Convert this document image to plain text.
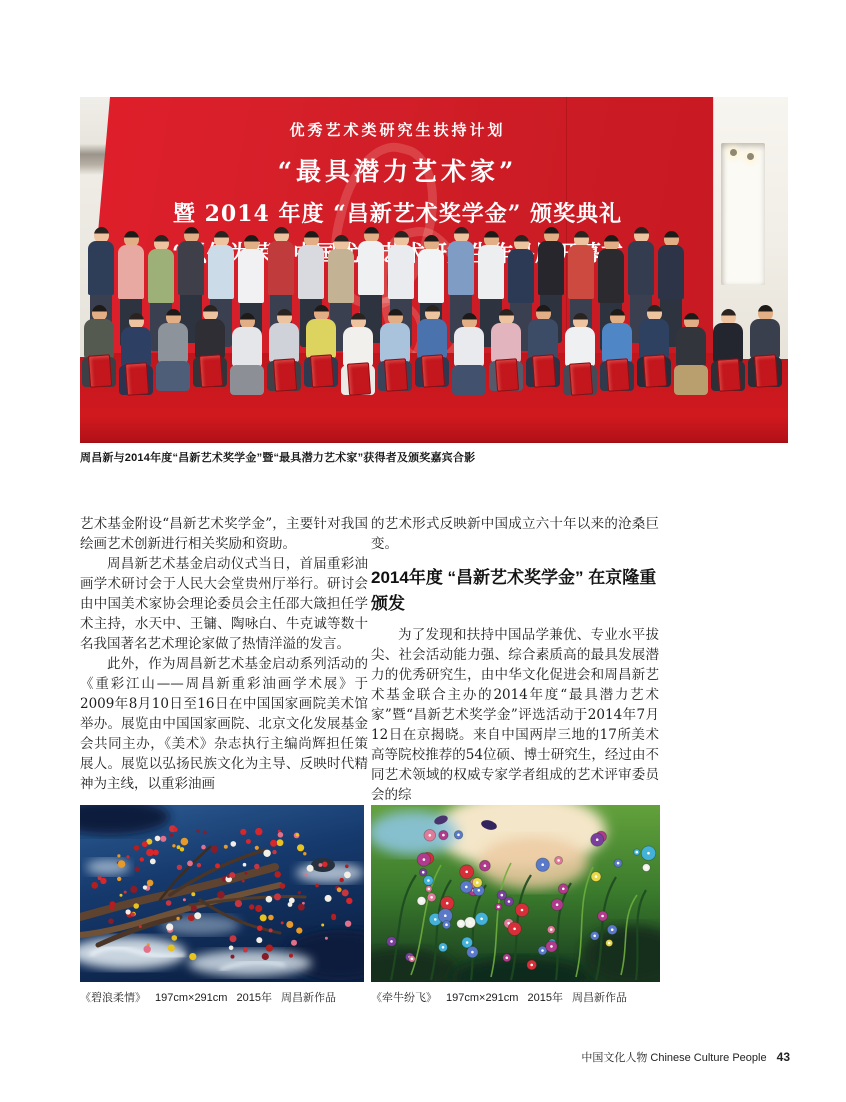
优秀艺术类研究生扶持计划
“最具潜力艺术家”
暨 2014 年度 “昌新艺术奖学金” 颁奖典礼
周昌新与2014年度“昌新艺术奖学金”暨“最具潜力艺术家”获得者及颁奖嘉宾合影

艺术基金附设“昌新艺术奖学金”，主要针对我国绘画艺术创新进行相关奖励和资助。

周昌新艺术基金启动仪式当日，首届重彩油画学术研讨会于人民大会堂贵州厅举行。研讨会由中国美术家协会理论委员会主任邵大箴担任学术主持，水天中、王镛、陶咏白、牛克诚等数十名我国著名艺术理论家做了热情洋溢的发言。

此外，作为周昌新艺术基金启动系列活动的《重彩江山——周昌新重彩油画学术展》于2009年8月10日至16日在中国国家画院美术馆举办。展览由中国国家画院、北京文化发展基金会共同主办，《美术》杂志执行主编尚辉担任策展人。展览以弘扬民族文化为主导、反映时代精神为主线，以重彩油画

的艺术形式反映新中国成立六十年以来的沧桑巨变。

2014年度 “昌新艺术奖学金” 在京隆重颁发

为了发现和扶持中国品学兼优、专业水平拔尖、社会活动能力强、综合素质高的最具发展潜力的优秀研究生，由中华文化促进会和周昌新艺术基金联合主办的2014年度“最具潜力艺术家”暨“昌新艺术奖学金”评选活动于2014年7月12日在京揭晓。来自中国两岸三地的17所美术高等院校推荐的54位硕、博士研究生，经过由不同艺术领域的权威专家学者组成的艺术评审委员会的综

《碧浪柔情》 197cm×291cm 2015年 周昌新作品	《牵牛纷飞》 197cm×291cm 2015年 周昌新作品
中国文化人物 Chinese Culture People 43
